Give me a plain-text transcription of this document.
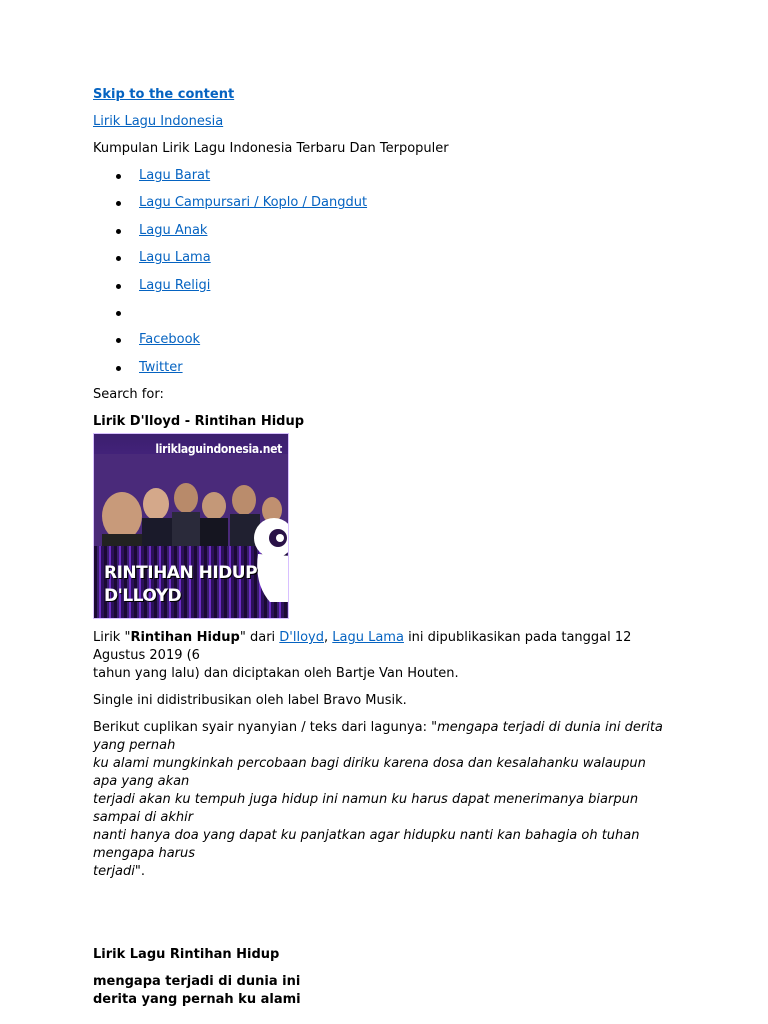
Skip to the content

Lirik Lagu Indonesia

Kumpulan Lirik Lagu Indonesia Terbaru Dan Terpopuler

Lagu Barat
Lagu Campursari / Koplo / Dangdut
Lagu Anak
Lagu Lama
Lagu Religi
Facebook
Twitter

Search for:

Lirik D'lloyd - Rintihan Hidup

liriklaguindonesia.net
RINTIHAN HIDUP
D'LLOYD

Lirik "Rintihan Hidup" dari D'lloyd, Lagu Lama ini dipublikasikan pada tanggal 12 Agustus 2019 (6
tahun yang lalu) dan diciptakan oleh Bartje Van Houten.

Single ini didistribusikan oleh label Bravo Musik.

Berikut cuplikan syair nyanyian / teks dari lagunya: "mengapa terjadi di dunia ini derita yang pernah
ku alami mungkinkah percobaan bagi diriku karena dosa dan kesalahanku walaupun apa yang akan
terjadi akan ku tempuh juga hidup ini namun ku harus dapat menerimanya biarpun sampai di akhir
nanti hanya doa yang dapat ku panjatkan agar hidupku nanti kan bahagia oh tuhan mengapa harus
terjadi".

Lirik Lagu Rintihan Hidup

mengapa terjadi di dunia ini
derita yang pernah ku alami
